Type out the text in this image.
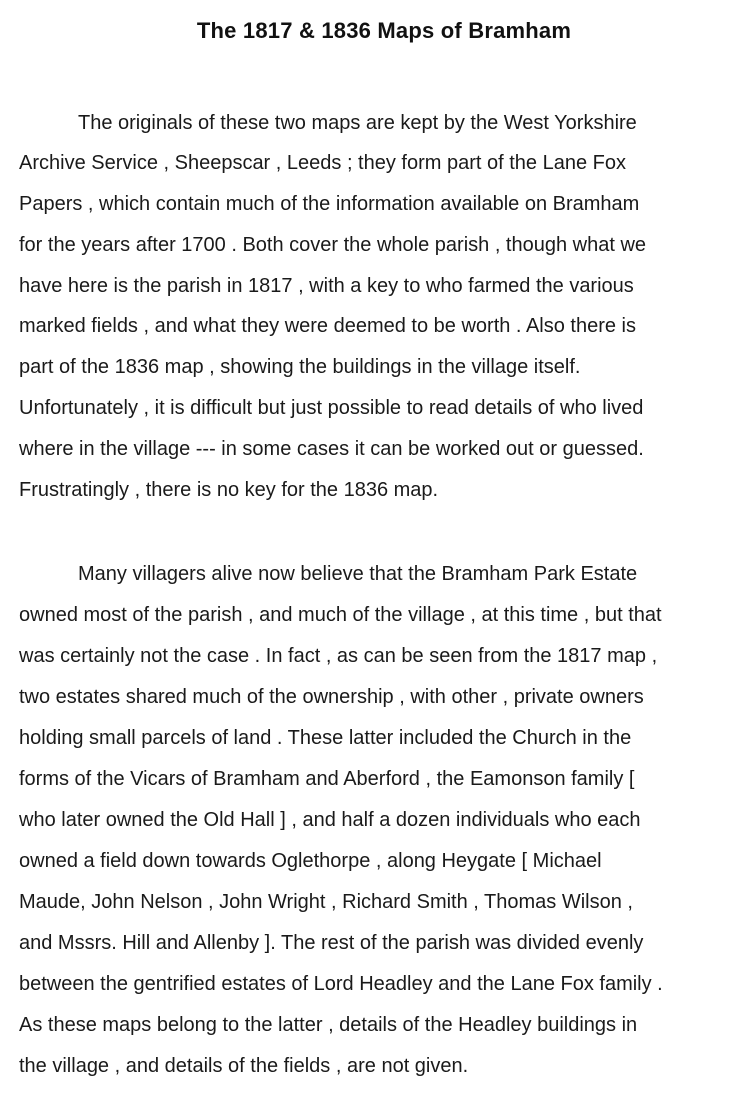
The 1817 & 1836 Maps of Bramham
The originals of these two maps are kept by the West Yorkshire
Archive Service , Sheepscar , Leeds ; they form part of the Lane Fox
Papers , which contain much of the information available on Bramham
for the years after 1700 . Both cover the whole parish , though what we
have here is the parish in 1817 , with a key to who farmed the various
marked fields , and what they were deemed to be worth . Also there is
part of the 1836 map , showing the buildings in the village itself.
Unfortunately , it is difficult but just possible to read details of who lived
where in the village --- in some cases it can be worked out or guessed.
Frustratingly , there is no key for the 1836 map.
Many villagers alive now believe that the Bramham Park Estate
owned most of the parish , and much of the village , at this time , but that
was certainly not the case . In fact , as can be seen from the 1817 map ,
two estates shared much of the ownership , with other , private owners
holding small parcels of land . These latter included the Church in the
forms of the Vicars of Bramham and Aberford , the Eamonson family [
who later owned the Old Hall ] , and half a dozen individuals who each
owned a field down towards Oglethorpe , along Heygate [ Michael
Maude, John Nelson , John Wright , Richard Smith , Thomas Wilson ,
and Mssrs. Hill and Allenby ]. The rest of the parish was divided evenly
between the gentrified estates of Lord Headley and the Lane Fox family .
As these maps belong to the latter , details of the Headley buildings in
the village , and details of the fields , are not given.
